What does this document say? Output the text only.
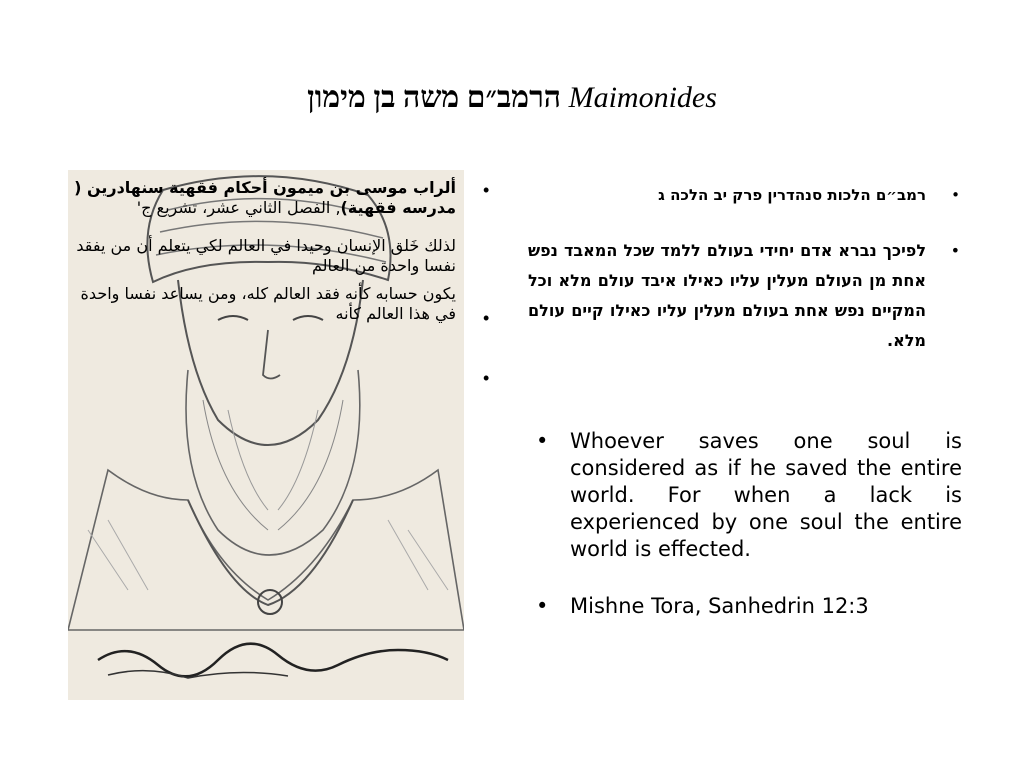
הרמב״ם משה בן מימון Maimonides

ألراب موسى بن ميمون أحكام فقهية سنهادرين ( مدرسه فقهية), الفصل الثاني عشر، تشريع ج'

لذلك خَلق الإنسان وحيدا في العالم لكي يتعلم أن من يفقد نفسا واحدة من العالم

يكون حسابه كأنه فقد العالم كله، ومن يساعد نفسا واحدة في هذا العالم كأنه

•
•
•
•
רמב״ם הלכות סנהדרין פרק יב הלכה ג
•
לפיכך נברא אדם יחידי בעולם ללמד שכל המאבד נפש אחת מן העולם מעלין עליו כאילו איבד עולם מלא וכל המקיים נפש אחת בעולם מעלין עליו כאילו קיים עולם מלא.
• Whoever saves one soul is considered as if he saved the entire world. For when a lack is experienced by one soul the entire world is effected.
• Mishne Tora, Sanhedrin 12:3
